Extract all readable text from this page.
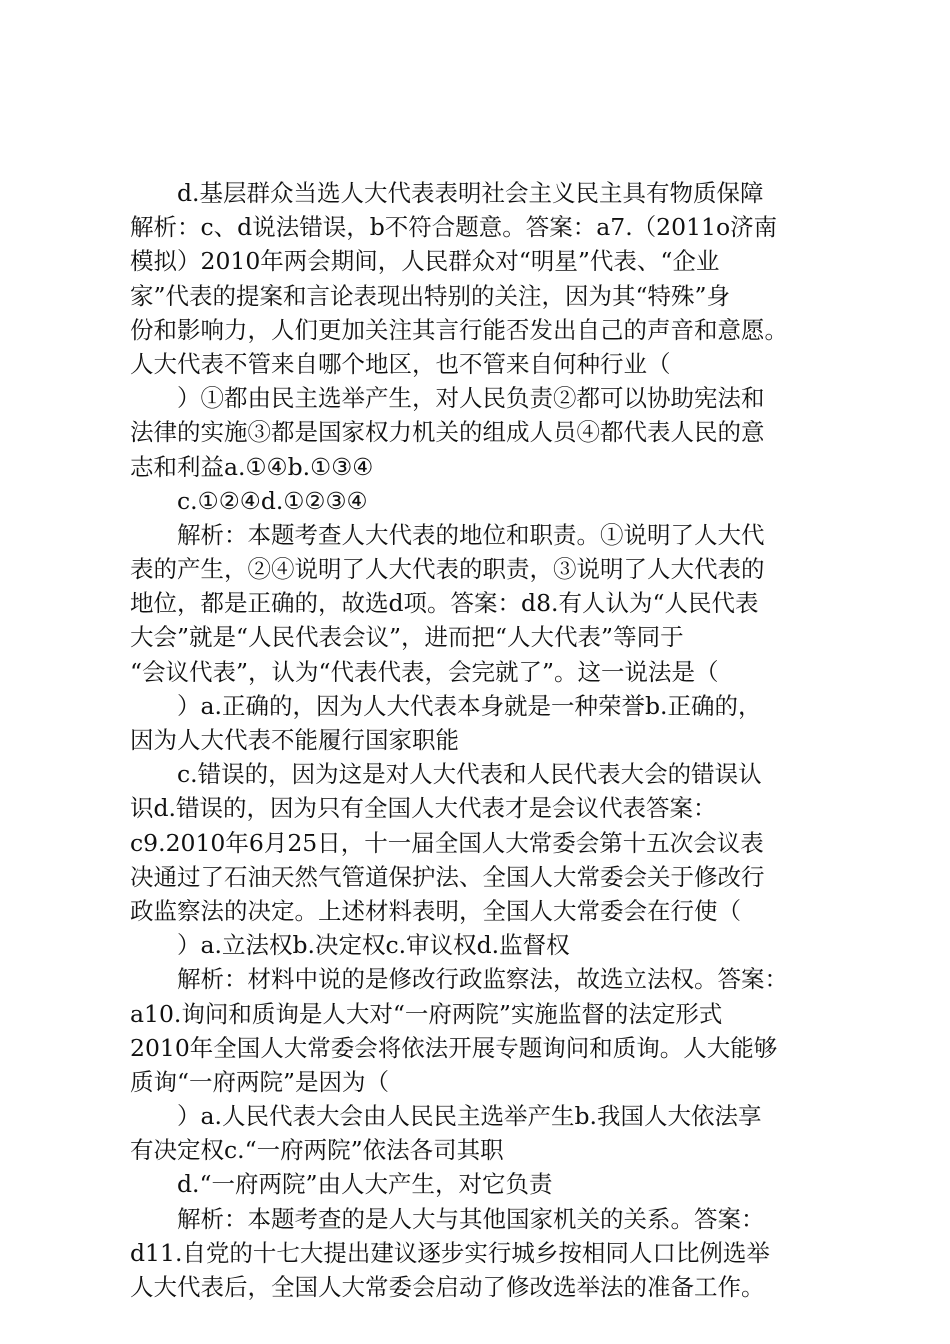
d.基层群众当选人大代表表明社会主义民主具有物质保障
解析：c、d说法错误，b不符合题意。答案：a7.（2011o济南
模拟）2010年两会期间，人民群众对“明星”代表、“企业
家”代表的提案和言论表现出特别的关注，因为其“特殊”身
份和影响力，人们更加关注其言行能否发出自己的声音和意愿。
人大代表不管来自哪个地区，也不管来自何种行业（
）①都由民主选举产生，对人民负责②都可以协助宪法和
法律的实施③都是国家权力机关的组成人员④都代表人民的意
志和利益a.①④b.①③④
c.①②④d.①②③④
解析：本题考查人大代表的地位和职责。①说明了人大代
表的产生，②④说明了人大代表的职责，③说明了人大代表的
地位，都是正确的，故选d项。答案：d8.有人认为“人民代表
大会”就是“人民代表会议”，进而把“人大代表”等同于
“会议代表”，认为“代表代表，会完就了”。这一说法是（
）a.正确的，因为人大代表本身就是一种荣誉b.正确的，
因为人大代表不能履行国家职能
c.错误的，因为这是对人大代表和人民代表大会的错误认
识d.错误的，因为只有全国人大代表才是会议代表答案：
c9.2010年6月25日，十一届全国人大常委会第十五次会议表
决通过了石油天然气管道保护法、全国人大常委会关于修改行
政监察法的决定。上述材料表明，全国人大常委会在行使（
）a.立法权b.决定权c.审议权d.监督权
解析：材料中说的是修改行政监察法，故选立法权。答案：
a10.询问和质询是人大对“一府两院”实施监督的法定形式
2010年全国人大常委会将依法开展专题询问和质询。人大能够
质询“一府两院”是因为（
）a.人民代表大会由人民民主选举产生b.我国人大依法享
有决定权c.“一府两院”依法各司其职
d.“一府两院”由人大产生，对它负责
解析：本题考查的是人大与其他国家机关的关系。答案：
d11.自党的十七大提出建议逐步实行城乡按相同人口比例选举
人大代表后，全国人大常委会启动了修改选举法的准备工作。
